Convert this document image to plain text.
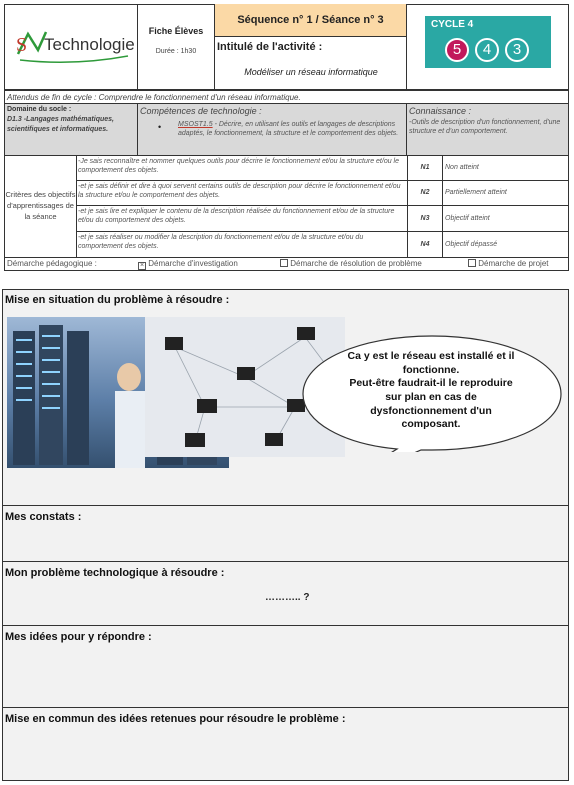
S Technologie
Fiche Élèves
Durée : 1h30
Séquence n° 1 / Séance n° 3
Intitulé de l'activité :
Modéliser un réseau informatique
CYCLE 4
5	4	3
Attendus de fin de cycle : Comprendre le fonctionnement d'un réseau informatique.
Domaine du socle :
D1.3 -Langages mathématiques, scientifiques et informatiques.
Compétences de technologie :
• MSOST1.5 - Décrire, en utilisant les outils et langages de descriptions adaptés, le fonctionnement, la structure et le comportement des objets.
Connaissance :
-Outils de description d'un fonctionnement, d'une structure et d'un comportement.
Critères des objectifs d'apprentissages de la séance
-Je sais reconnaître et nommer quelques outils pour décrire le fonctionnement et/ou la structure et/ou le comportement des objets.	N1	Non atteint
-et je sais définir et dire à quoi servent certains outils de description pour décrire le fonctionnement et/ou la structure et/ou le comportement des objets.	N2	Partiellement atteint
-et je sais lire et expliquer le contenu de la description réalisée du fonctionnement et/ou de la structure et/ou du comportement des objets.	N3	Objectif atteint
-et je sais réaliser ou modifier la description du fonctionnement et/ou de la structure et/ou du comportement des objets.	N4	Objectif dépassé
Démarche pédagogique :	× Démarche d'investigation	Démarche de résolution de problème	Démarche de projet
Mise en situation du problème à résoudre :
Ca y est le réseau est installé et il fonctionne.
Peut-être faudrait-il le reproduire sur plan en cas de dysfonctionnement d'un composant.
Mes constats :
Mon problème technologique à résoudre :
……….. ?
Mes idées pour y répondre :
Mise en commun des idées retenues pour résoudre le problème :
